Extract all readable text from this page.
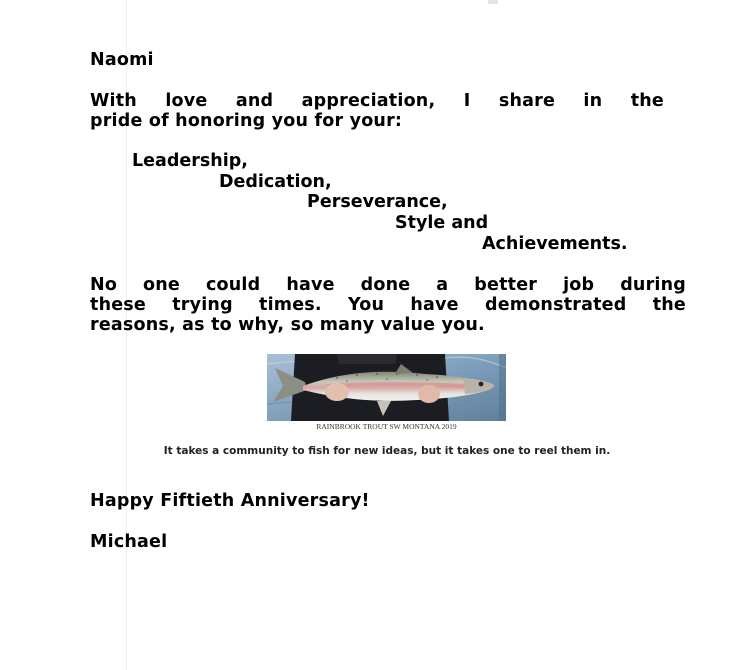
Naomi
With love and appreciation, I share in the
pride of honoring you for your:
Leadership,
Dedication,
Perseverance,
Style and
Achievements.
No one could have done a better job during
these trying times. You have demonstrated the
reasons, as to why, so many value you.
RAINBROOK TROUT SW MONTANA 2019
It takes a community to fish for new ideas, but it takes one to reel them in.
Happy Fiftieth Anniversary!
Michael
